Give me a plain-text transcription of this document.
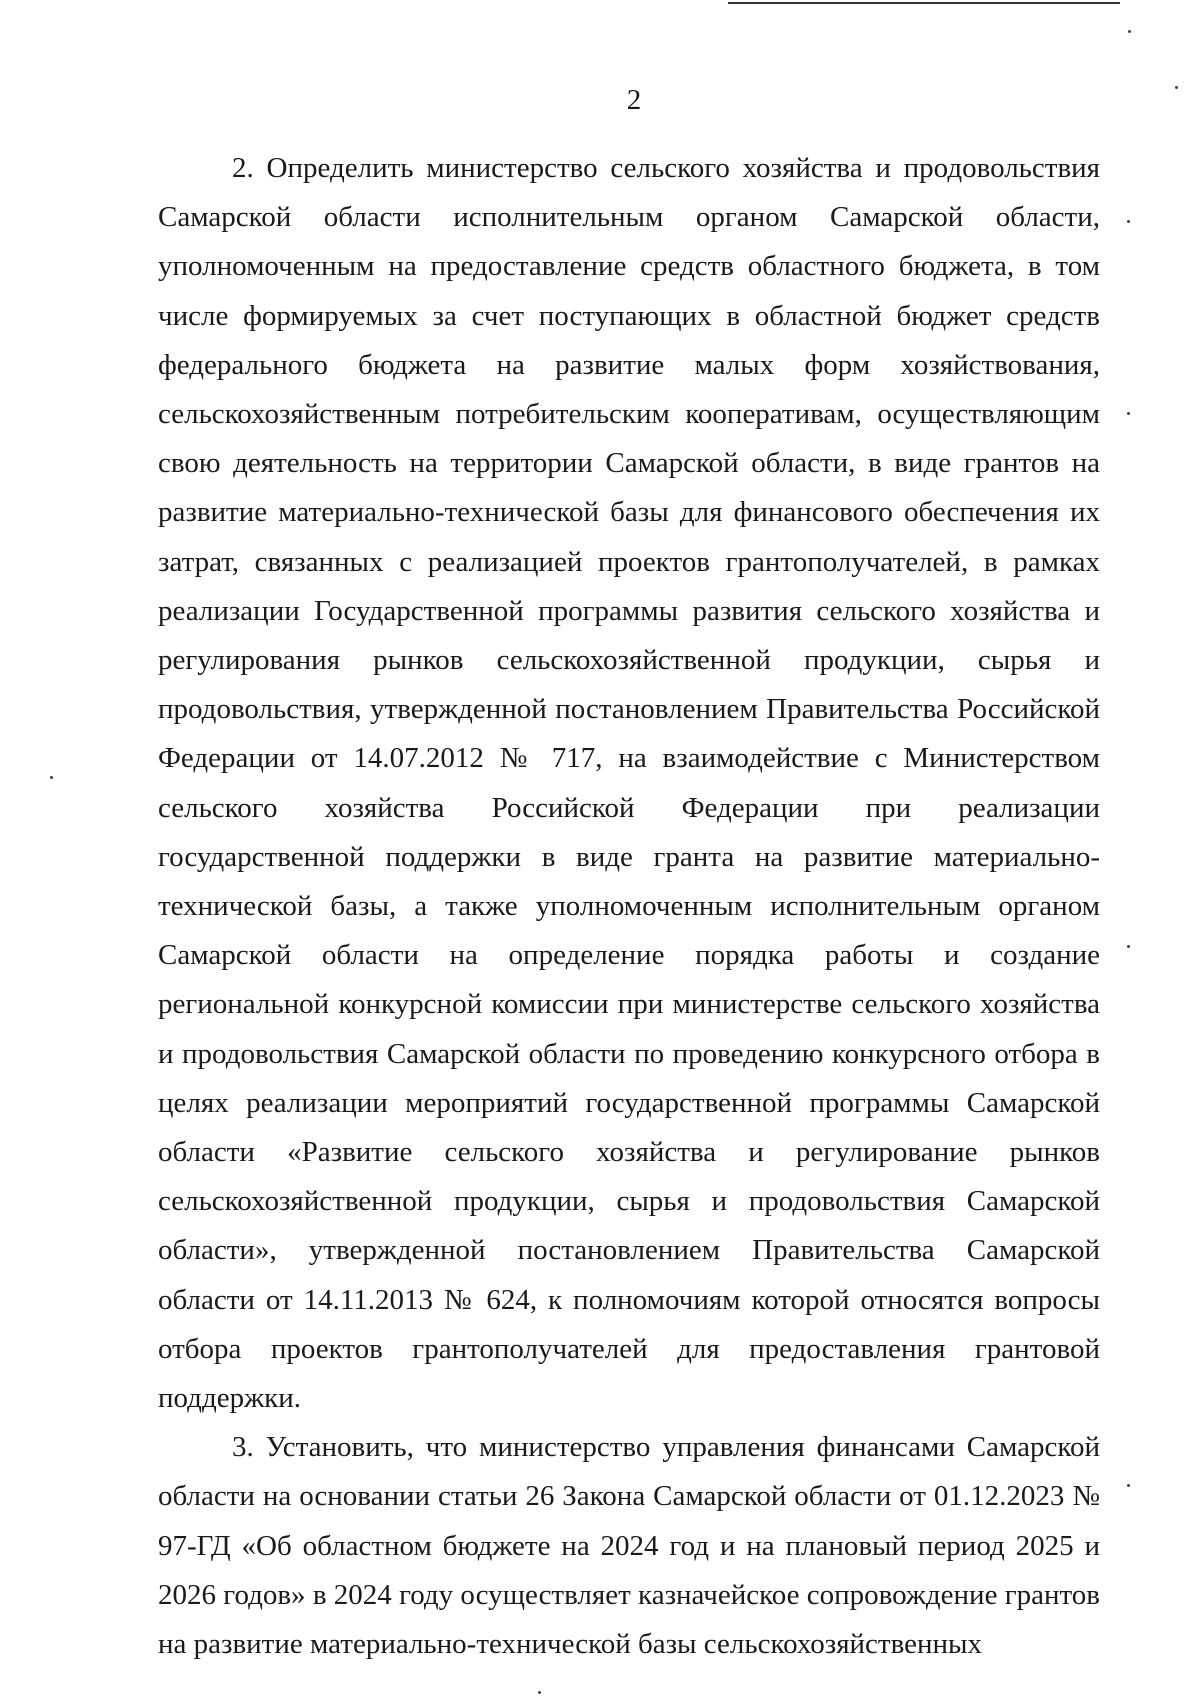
2

2. Определить министерство сельского хозяйства и продовольствия Самарской области исполнительным органом Самарской области, уполномоченным на предоставление средств областного бюджета, в том числе формируемых за счет поступающих в областной бюджет средств федерального бюджета на развитие малых форм хозяйствования, сельскохозяйственным потребительским кооперативам, осуществляющим свою деятельность на территории Самарской области, в виде грантов на развитие материально-технической базы для финансового обеспечения их затрат, связанных с реализацией проектов грантополучателей, в рамках реализации Государственной программы развития сельского хозяйства и регулирования рынков сельскохозяйственной продукции, сырья и продовольствия, утвержденной постановлением Правительства Российской Федерации от 14.07.2012 № 717, на взаимодействие с Министерством сельского хозяйства Российской Федерации при реализации государственной поддержки в виде гранта на развитие материально-технической базы, а также уполномоченным исполнительным органом Самарской области на определение порядка работы и создание региональной конкурсной комиссии при министерстве сельского хозяйства и продовольствия Самарской области по проведению конкурсного отбора в целях реализации мероприятий государственной программы Самарской области «Развитие сельского хозяйства и регулирование рынков сельскохозяйственной продукции, сырья и продовольствия Самарской области», утвержденной постановлением Правительства Самарской области от 14.11.2013 № 624, к полномочиям которой относятся вопросы отбора проектов грантополучателей для предоставления грантовой поддержки.

3. Установить, что министерство управления финансами Самарской области на основании статьи 26 Закона Самарской области от 01.12.2023 № 97-ГД «Об областном бюджете на 2024 год и на плановый период 2025 и 2026 годов» в 2024 году осуществляет казначейское сопровождение грантов на развитие материально-технической базы сельскохозяйственных
